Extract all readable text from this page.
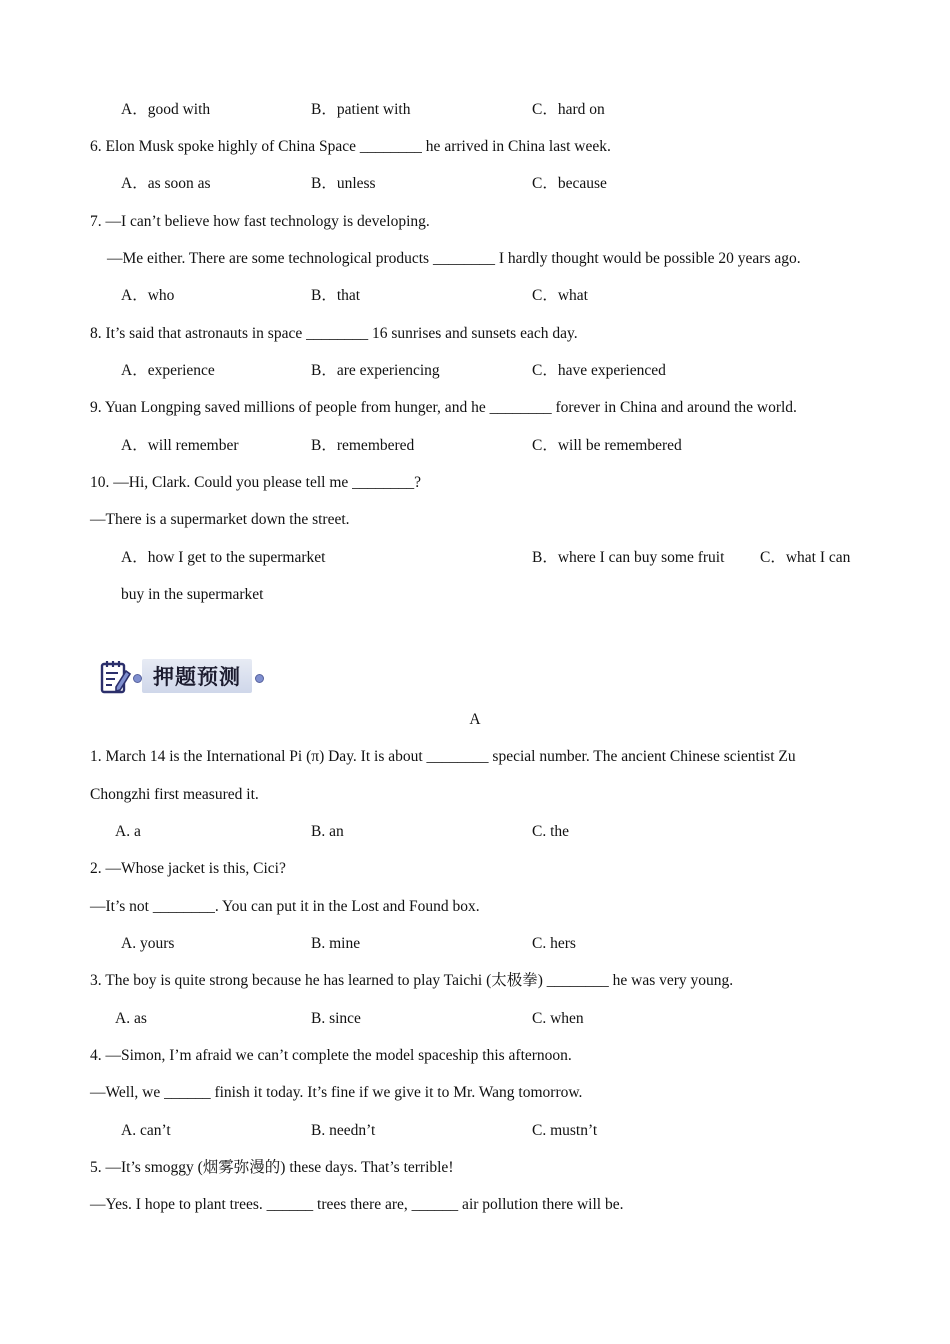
A．good with	B．patient with	C．hard on
6. Elon Musk spoke highly of China Space ________ he arrived in China last week.
A．as soon as	B．unless	C．because
7. —I can’t believe how fast technology is developing.
—Me either. There are some technological products ________ I hardly thought would be possible 20 years ago.
A．who	B．that	C．what
8. It’s said that astronauts in space ________ 16 sunrises and sunsets each day.
A．experience	B．are experiencing	C．have experienced
9. Yuan Longping saved millions of people from hunger, and he ________ forever in China and around the world.
A．will remember	B．remembered	C．will be remembered
10. —Hi, Clark. Could you please tell me ________?
—There is a supermarket down the street.
A．how I get to the supermarket	B．where I can buy some fruit C．what I can
buy in the supermarket
押题预测
A
1. March 14 is the International Pi (π) Day. It is about ________ special number. The ancient Chinese scientist Zu
Chongzhi first measured it.
A. a	B. an	C. the
2. —Whose jacket is this, Cici?
—It’s not ________. You can put it in the Lost and Found box.
A. yours	B. mine	C. hers
3. The boy is quite strong because he has learned to play Taichi (太极拳) ________ he was very young.
A. as	B. since	C. when
4. —Simon, I’m afraid we can’t complete the model spaceship this afternoon.
—Well, we ______ finish it today. It’s fine if we give it to Mr. Wang tomorrow.
A. can’t	B. needn’t	C. mustn’t
5. —It’s smoggy (烟雾弥漫的) these days. That’s terrible!
—Yes. I hope to plant trees. ______ trees there are, ______ air pollution there will be.
